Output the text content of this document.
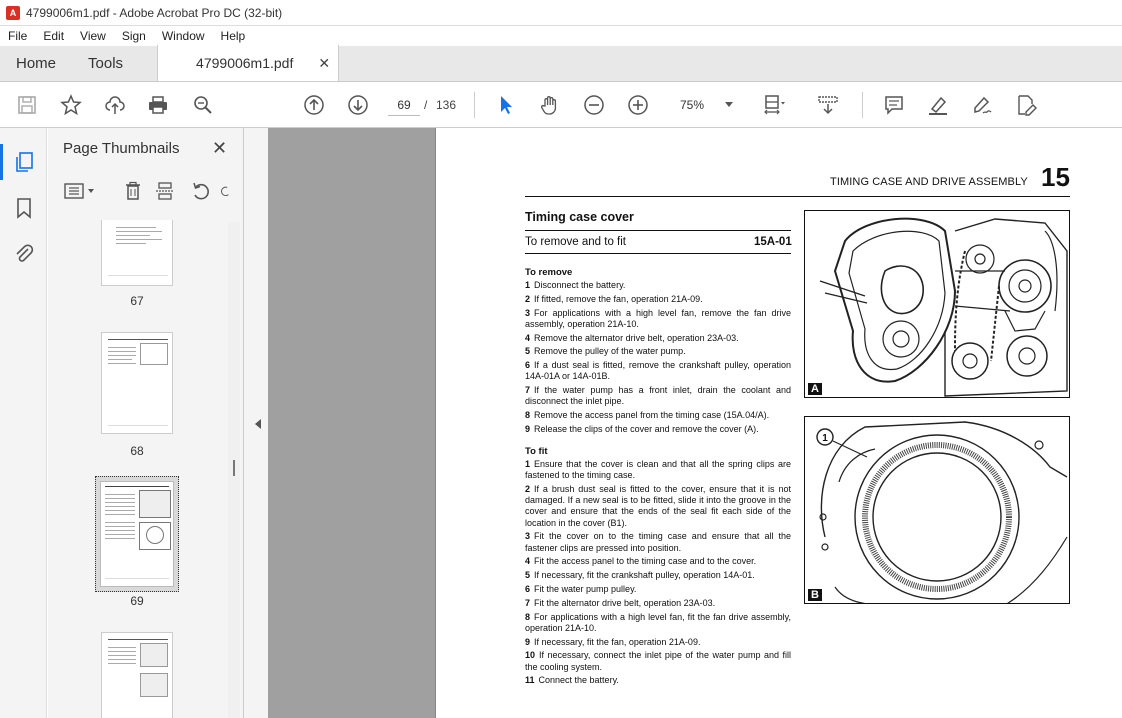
A 4799006m1.pdf - Adobe Acrobat Pro DC (32-bit)
File	Edit	View	Sign	Window	Help
Home	Tools	4799006m1.pdf ✕
69
/ 136	75%
Page Thumbnails ✕
67
68
69
TIMING CASE AND DRIVE ASSEMBLY 15
Timing case cover
To remove and to fit	15A-01
To remove
1 Disconnect the battery.
2 If fitted, remove the fan, operation 21A-09.
3 For applications with a high level fan, remove the fan drive assembly, operation 21A-10.
4 Remove the alternator drive belt, operation 23A-03.
5 Remove the pulley of the water pump.
6 If a dust seal is fitted, remove the crankshaft pulley, operation 14A-01A or 14A-01B.
7 If the water pump has a front inlet, drain the coolant and disconnect the inlet pipe.
8 Remove the access panel from the timing case (15A.04/A).
9 Release the clips of the cover and remove the cover (A).
To fit
1 Ensure that the cover is clean and that all the spring clips are fastened to the timing case.
2 If a brush dust seal is fitted to the cover, ensure that it is not damaged. If a new seal is to be fitted, slide it into the groove in the cover and ensure that the ends of the seal fit each side of the location in the cover (B1).
3 Fit the cover on to the timing case and ensure that all the fastener clips are pressed into position.
4 Fit the access panel to the timing case and to the cover.
5 If necessary, fit the crankshaft pulley, operation 14A-01.
6 Fit the water pump pulley.
7 Fit the alternator drive belt, operation 23A-03.
8 For applications with a high level fan, fit the fan drive assembly, operation 21A-10.
9 If necessary, fit the fan, operation 21A-09.
10 If necessary, connect the inlet pipe of the water pump and fill the cooling system.
11 Connect the battery.
A
1
B
